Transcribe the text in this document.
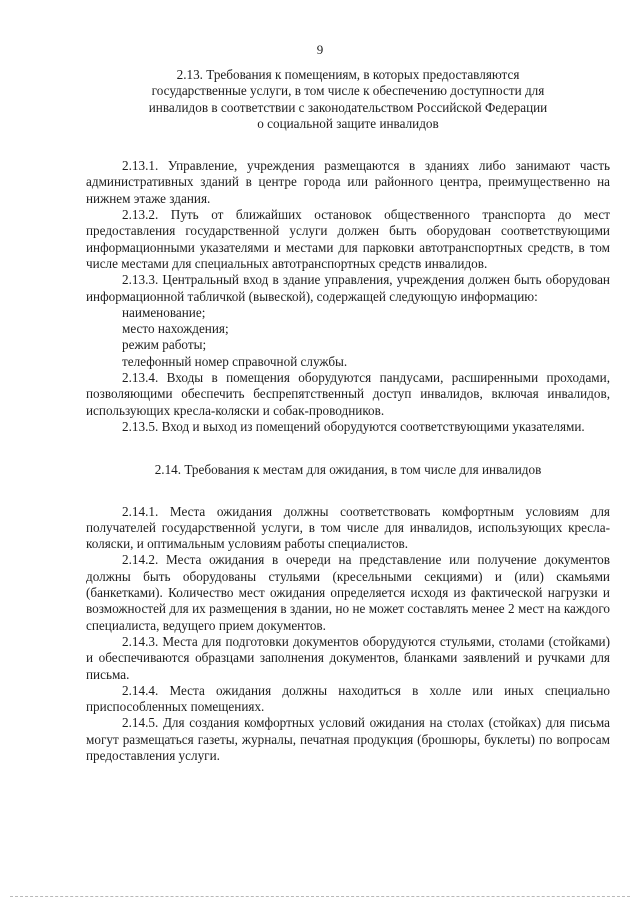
9
2.13. Требования к помещениям, в которых предоставляются
государственные услуги, в том числе к обеспечению доступности для
инвалидов в соответствии с законодательством Российской Федерации
о социальной защите инвалидов

2.13.1. Управление, учреждения размещаются в зданиях либо занимают часть административных зданий в центре города или районного центра, преимущественно на нижнем этаже здания.

2.13.2. Путь от ближайших остановок общественного транспорта до мест предоставления государственной услуги должен быть оборудован соответствующими информационными указателями и местами для парковки автотранспортных средств, в том числе местами для специальных автотранспортных средств инвалидов.

2.13.3. Центральный вход в здание управления, учреждения должен быть оборудован информационной табличкой (вывеской), содержащей следующую информацию:

наименование;

место нахождения;

режим работы;

телефонный номер справочной службы.

2.13.4. Входы в помещения оборудуются пандусами, расширенными проходами, позволяющими обеспечить беспрепятственный доступ инвалидов, включая инвалидов, использующих кресла-коляски и собак-проводников.

2.13.5. Вход и выход из помещений оборудуются соответствующими указателями.

2.14. Требования к местам для ожидания, в том числе для инвалидов

2.14.1. Места ожидания должны соответствовать комфортным условиям для получателей государственной услуги, в том числе для инвалидов, использующих кресла-коляски, и оптимальным условиям работы специалистов.

2.14.2. Места ожидания в очереди на представление или получение документов должны быть оборудованы стульями (кресельными секциями) и (или) скамьями (банкетками). Количество мест ожидания определяется исходя из фактической нагрузки и возможностей для их размещения в здании, но не может составлять менее 2 мест на каждого специалиста, ведущего прием документов.

2.14.3. Места для подготовки документов оборудуются стульями, столами (стойками) и обеспечиваются образцами заполнения документов, бланками заявлений и ручками для письма.

2.14.4. Места ожидания должны находиться в холле или иных специально приспособленных помещениях.

2.14.5. Для создания комфортных условий ожидания на столах (стойках) для письма могут размещаться газеты, журналы, печатная продукция (брошюры, буклеты) по вопросам предоставления услуги.
